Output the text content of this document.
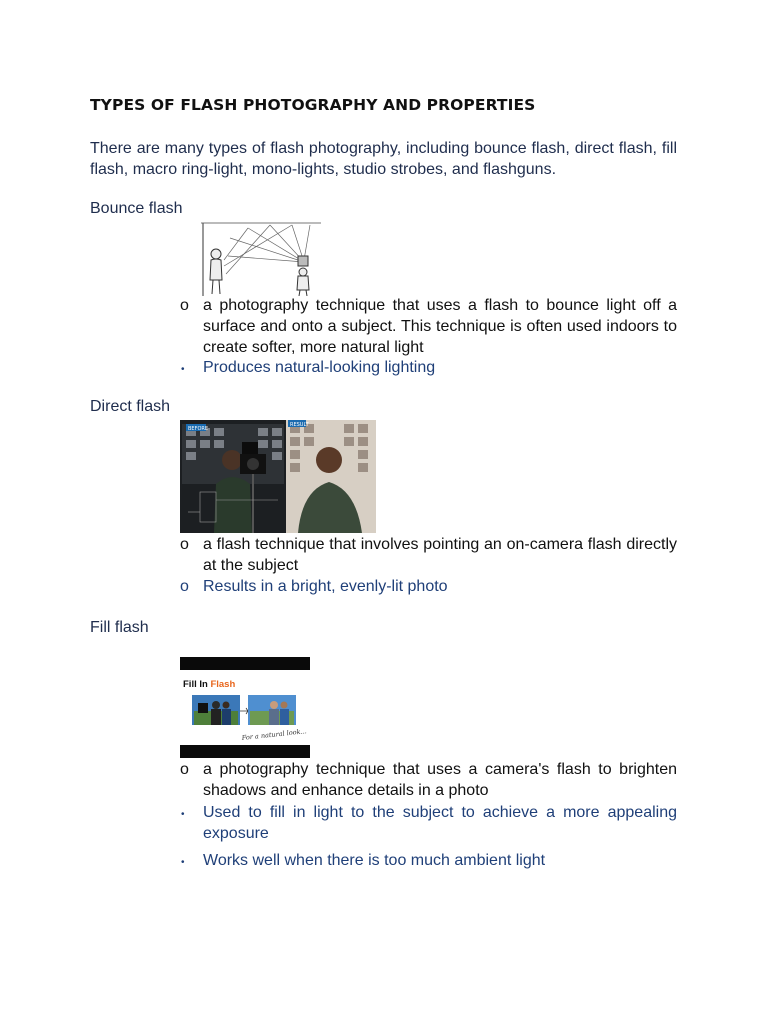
TYPES OF FLASH PHOTOGRAPHY AND PROPERTIES
There are many types of flash photography, including bounce flash, direct flash, fill flash, macro ring-light, mono-lights, studio strobes, and flashguns.
Bounce flash
o a photography technique that uses a flash to bounce light off a surface and onto a subject. This technique is often used indoors to create softer, more natural light
•	Produces natural-looking lighting
Direct flash
BEFORE
RESULT
o a flash technique that involves pointing an on-camera flash directly at the subject
o Results in a bright, evenly-lit photo
Fill flash
Fill In Flash
For a natural look...
o a photography technique that uses a camera's flash to brighten shadows and enhance details in a photo
•	Used to fill in light to the subject to achieve a more appealing exposure
•	Works well when there is too much ambient light
